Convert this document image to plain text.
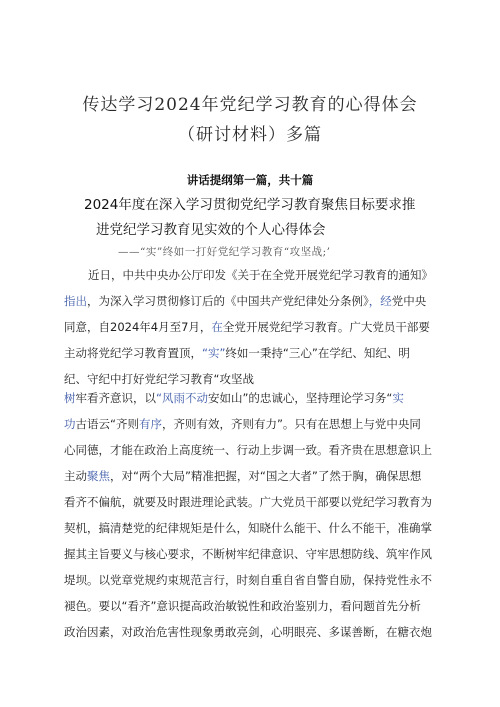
传达学习2024年党纪学习教育的心得体会
（研讨材料）多篇
讲话提纲第一篇，共十篇
2024年度在深入学习贯彻党纪学习教育聚焦目标要求推
进党纪学习教育见实效的个人心得体会
——“实”终如一打好党纪学习教育“攻坚战;’
近日，中共中央办公厅印发《关于在全党开展党纪学习教育的通知》
指出，为深入学习贯彻修订后的《中国共产党纪律处分条例》，经党中央
同意，自2024年4月至7月，在全党开展党纪学习教育。广大党员干部要
主动将党纪学习教育置顶，“实”终如一秉持“三心”在学纪、知纪、明
纪、守纪中打好党纪学习教育“攻坚战
树牢看齐意识，以“风雨不动安如山”的忠诚心，坚持理论学习务“实
功古语云“齐则有序，齐则有效，齐则有力”。只有在思想上与党中央同
心同德，才能在政治上高度统一、行动上步调一致。看齐贵在思想意识上
主动聚焦，对“两个大局”精准把握，对“国之大者”了然于胸，确保思想
看齐不偏航，就要及时跟进理论武装。广大党员干部要以党纪学习教育为
契机，搞清楚党的纪律规矩是什么，知晓什么能干、什么不能干，准确掌
握其主旨要义与核心要求，不断树牢纪律意识、守牢思想防线、筑牢作风
堤坝。以党章党规约束规范言行，时刻自重自省自警自励，保持党性永不
褪色。要以“看齐”意识提高政治敏锐性和政治鉴别力，看问题首先分析
政治因素，对政治危害性现象勇敢亮剑，心明眼亮、多谋善断，在糖衣炮
